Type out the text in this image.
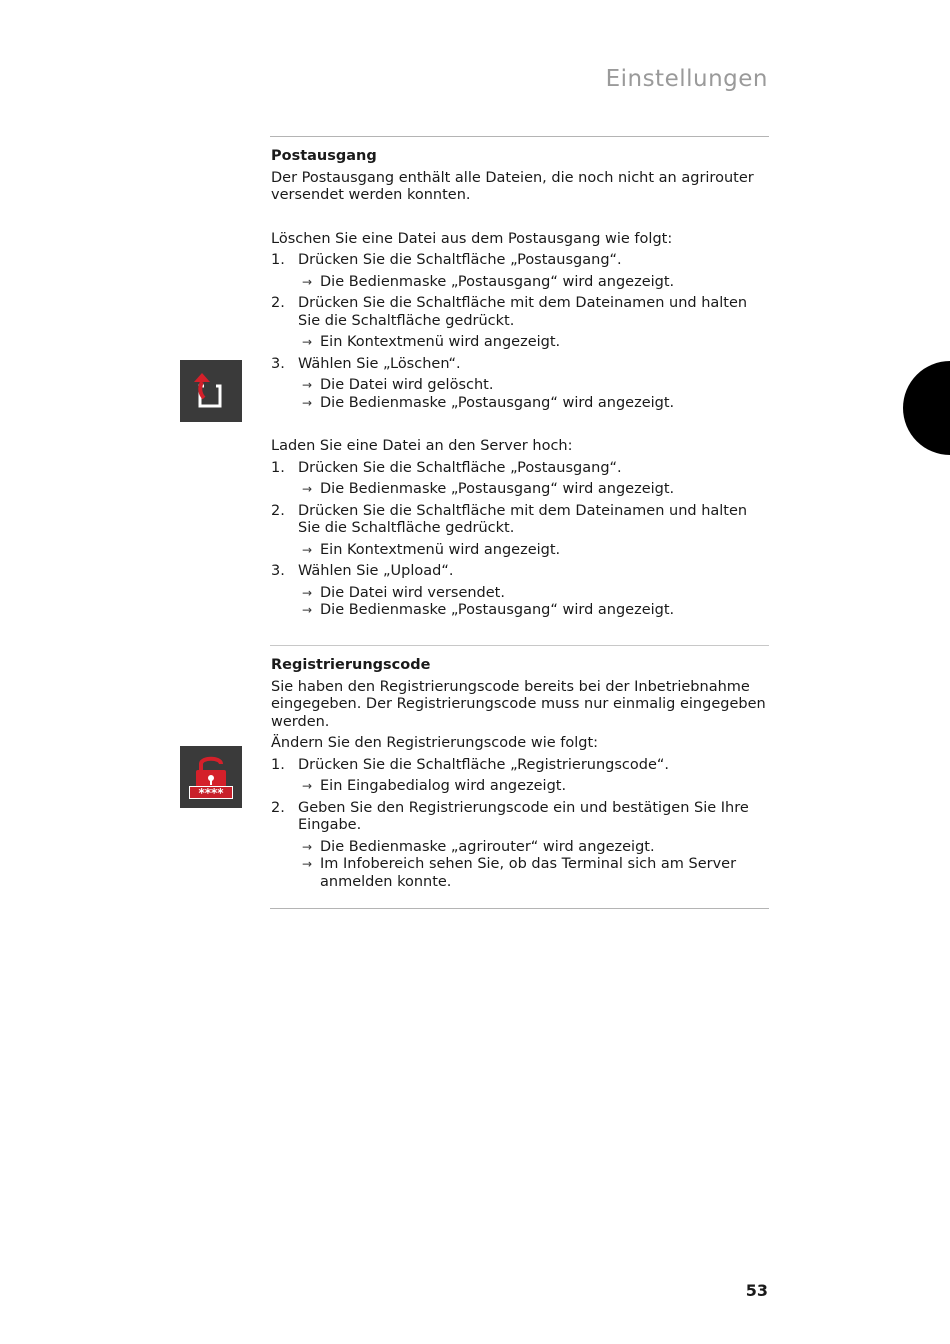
Einstellungen
****

Postausgang

Der Postausgang enthält alle Dateien, die noch nicht an agrirouter versendet werden konnten.

Löschen Sie eine Datei aus dem Postausgang wie folgt:

1. Drücken Sie die Schaltfläche „Postausgang“.
→ Die Bedienmaske „Postausgang“ wird angezeigt.
2. Drücken Sie die Schaltfläche mit dem Dateinamen und halten Sie die Schaltfläche gedrückt.
→ Ein Kontextmenü wird angezeigt.
3. Wählen Sie „Löschen“.
→ Die Datei wird gelöscht.
→ Die Bedienmaske „Postausgang“ wird angezeigt.

Laden Sie eine Datei an den Server hoch:

1. Drücken Sie die Schaltfläche „Postausgang“.
→ Die Bedienmaske „Postausgang“ wird angezeigt.
2. Drücken Sie die Schaltfläche mit dem Dateinamen und halten Sie die Schaltfläche gedrückt.
→ Ein Kontextmenü wird angezeigt.
3. Wählen Sie „Upload“.
→ Die Datei wird versendet.
→ Die Bedienmaske „Postausgang“ wird angezeigt.

Registrierungscode

Sie haben den Registrierungscode bereits bei der Inbetriebnahme eingegeben. Der Registrierungscode muss nur einmalig eingegeben werden.

Ändern Sie den Registrierungscode wie folgt:

1. Drücken Sie die Schaltfläche „Registrierungscode“.
→ Ein Eingabedialog wird angezeigt.
2. Geben Sie den Registrierungscode ein und bestätigen Sie Ihre Eingabe.
→ Die Bedienmaske „agrirouter“ wird angezeigt.
→ Im Infobereich sehen Sie, ob das Terminal sich am Server anmelden konnte.
53
